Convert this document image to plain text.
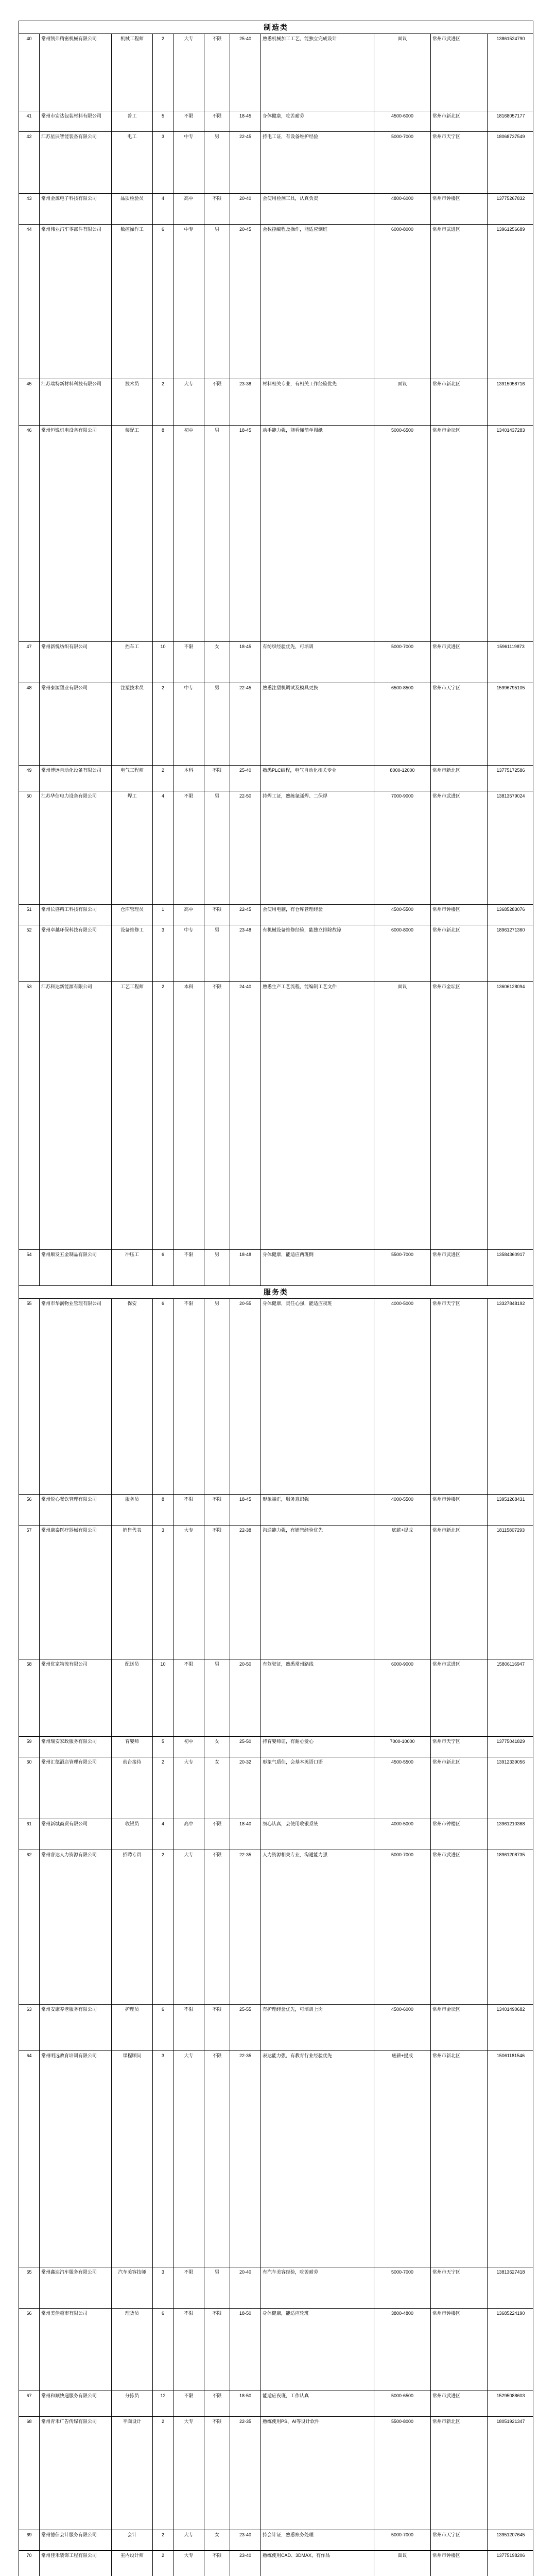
制造类
40	常州凯弗精密机械有限公司	机械工程师	2	大专	不限	25-40	熟悉机械加工工艺，能独立完成设计	面议	常州市武进区	13861524790
41	常州市宏达包装材料有限公司	普工	5	不限	不限	18-45	身体健康，吃苦耐劳	4500-6000	常州市新北区	18168057177
42	江苏星辰智能装备有限公司	电工	3	中专	男	22-45	持电工证，有设备维护经验	5000-7000	常州市天宁区	18068737549
43	常州金源电子科技有限公司	品质检验员	4	高中	不限	20-40	会使用检测工具，认真负责	4800-6000	常州市钟楼区	13775267832
44	常州伟业汽车零部件有限公司	数控操作工	6	中专	男	20-45	会数控编程及操作，能适应倒班	6000-8000	常州市武进区	13961256689
45	江苏瑞特新材料科技有限公司	技术员	2	大专	不限	23-38	材料相关专业，有相关工作经验优先	面议	常州市新北区	13915058716
46	常州恒锐机电设备有限公司	装配工	8	初中	男	18-45	动手能力强，能看懂简单图纸	5000-6500	常州市金坛区	13401437283
47	常州新悦纺织有限公司	挡车工	10	不限	女	18-45	有纺织经验优先，可培训	5000-7000	常州市武进区	15961119873
48	常州泰源塑业有限公司	注塑技术员	2	中专	男	22-45	熟悉注塑机调试及模具更换	6500-8500	常州市天宁区	15996795105
49	常州博远自动化设备有限公司	电气工程师	2	本科	不限	25-40	熟悉PLC编程，电气自动化相关专业	8000-12000	常州市新北区	13775172586
50	江苏华信电力设备有限公司	焊工	4	不限	男	22-50	持焊工证，熟练氩弧焊、二保焊	7000-9000	常州市武进区	13813579024
51	常州长盛精工科技有限公司	仓库管理员	1	高中	不限	22-45	会使用电脑，有仓库管理经验	4500-5500	常州市钟楼区	13685283076
52	常州卓越环保科技有限公司	设备维修工	3	中专	男	23-48	有机械设备维修经验，能独立排除故障	6000-8000	常州市新北区	18961271360
53	江苏科达新能源有限公司	工艺工程师	2	本科	不限	24-40	熟悉生产工艺流程，能编制工艺文件	面议	常州市金坛区	13606128094
54	常州顺发五金制品有限公司	冲压工	6	不限	男	18-48	身体健康，能适应两班倒	5500-7000	常州市武进区	13584360917
服务类
55	常州市华润物业管理有限公司	保安	6	不限	男	20-55	身体健康，责任心强，能适应夜班	4000-5000	常州市天宁区	13327848192
56	常州悦心餐饮管理有限公司	服务员	8	不限	不限	18-45	形象端正，服务意识强	4000-5500	常州市钟楼区	13951268431
57	常州康泰医疗器械有限公司	销售代表	3	大专	不限	22-38	沟通能力强，有销售经验优先	底薪+提成	常州市新北区	18115807293
58	常州优家物流有限公司	配送员	10	不限	男	20-50	有驾驶证，熟悉常州路线	6000-9000	常州市武进区	15806116947
59	常州瑞安家政服务有限公司	育婴师	5	初中	女	25-50	持育婴师证，有耐心爱心	7000-10000	常州市天宁区	13775041829
60	常州汇德酒店管理有限公司	前台接待	2	大专	女	20-32	形象气质佳，会基本英语口语	4500-5500	常州市新北区	13912339056
61	常州新城商贸有限公司	收银员	4	高中	不限	18-40	细心认真，会使用收银系统	4000-5000	常州市钟楼区	13961210368
62	常州睿达人力资源有限公司	招聘专员	2	大专	不限	22-35	人力资源相关专业，沟通能力强	5000-7000	常州市武进区	18961208735
63	常州安康养老服务有限公司	护理员	6	不限	不限	25-55	有护理经验优先，可培训上岗	4500-6000	常州市金坛区	13401490682
64	常州明远教育培训有限公司	课程顾问	3	大专	不限	22-35	表达能力强，有教育行业经验优先	底薪+提成	常州市新北区	15061181546
65	常州鑫达汽车服务有限公司	汽车美容技师	3	不限	男	20-40	有汽车美容经验，吃苦耐劳	5000-7000	常州市天宁区	13813627418
66	常州美佳超市有限公司	理货员	6	不限	不限	18-50	身体健康，能适应轮班	3800-4800	常州市钟楼区	13685224190
67	常州和顺快递服务有限公司	分拣员	12	不限	不限	18-50	能适应夜班，工作认真	5000-6500	常州市武进区	15295088603
68	常州青禾广告传媒有限公司	平面设计	2	大专	不限	22-35	熟练使用PS、AI等设计软件	5500-8000	常州市新北区	18051921347
69	常州德信会计服务有限公司	会计	2	大专	女	23-40	持会计证，熟悉账务处理	5000-7000	常州市天宁区	13951207645
70	常州佳禾装饰工程有限公司	室内设计师	2	大专	不限	23-40	熟练使用CAD、3DMAX，有作品	面议	常州市钟楼区	13775198206
